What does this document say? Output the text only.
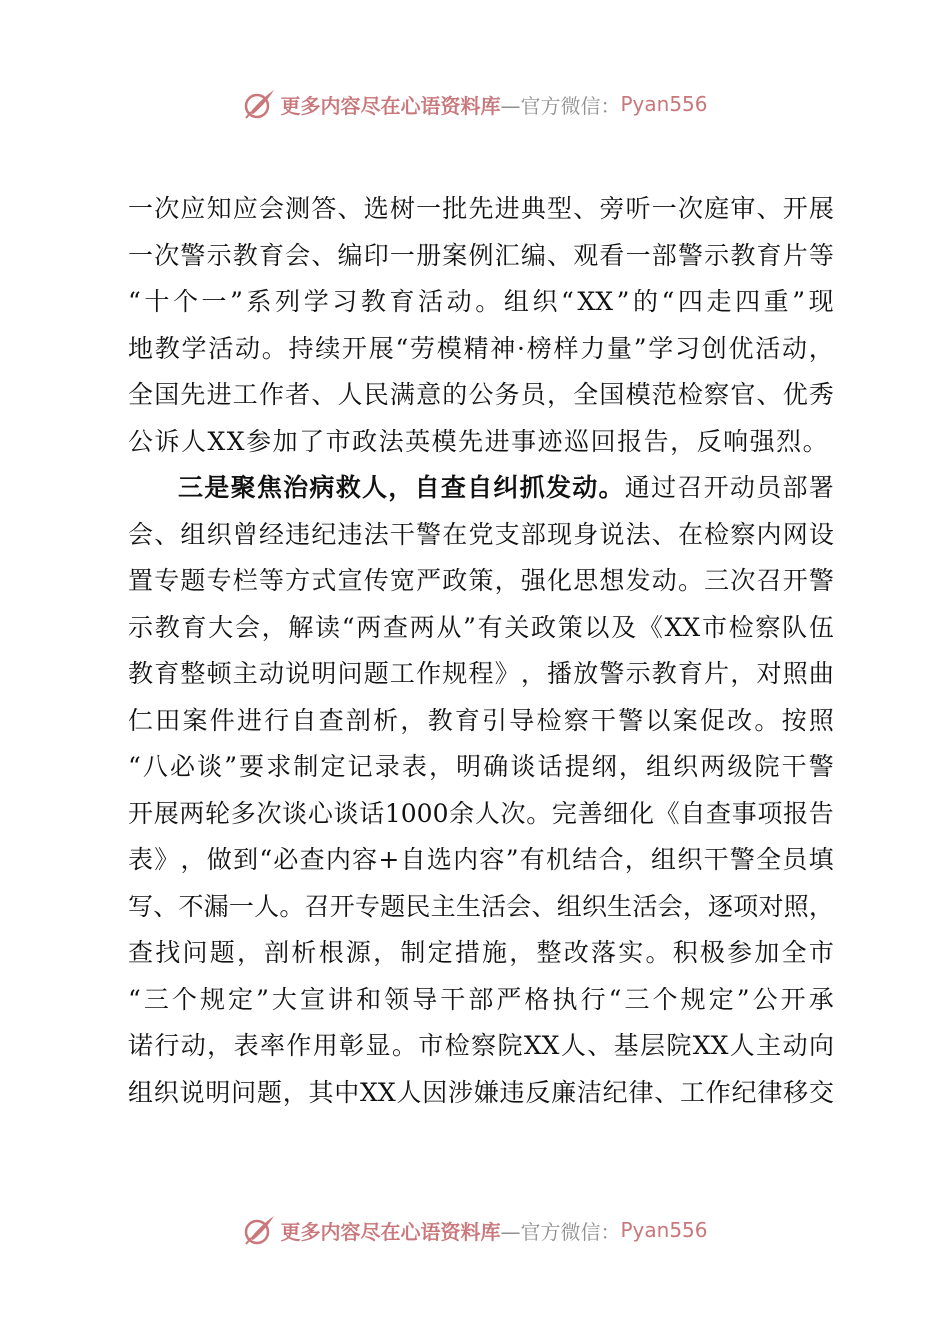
更多内容尽在心语资料库 —官方微信： Pyan556
一 次 应 知 应 会 测 答 、 选 树 一 批 先 进 典 型 、 旁 听 一 次 庭 审 、 开 展
一 次 警 示 教 育 会 、 编 印 一 册 案 例 汇 编 、 观 看 一 部 警 示 教 育 片 等
“ 十 个 一 ” 系 列 学 习 教 育 活 动 。 组 织 “ XX ” 的 “ 四 走 四 重 ” 现
地 教 学 活 动 。 持 续 开 展 “ 劳 模 精 神 · 榜 样 力 量 ” 学 习 创 优 活 动 ，
全 国 先 进 工 作 者 、 人 民 满 意 的 公 务 员 ， 全 国 模 范 检 察 官 、 优 秀
公诉人XX参加了市政法英模先进事迹巡回报告，反响强烈。
三 是 聚 焦 治 病 救 人 ， 自 查 自 纠 抓 发 动 。 通 过 召 开 动 员 部 署
会 、 组 织 曾 经 违 纪 违 法 干 警 在 党 支 部 现 身 说 法 、 在 检 察 内 网 设
置 专 题 专 栏 等 方 式 宣 传 宽 严 政 策 ， 强 化 思 想 发 动 。 三 次 召 开 警
示 教 育 大 会 ， 解 读 “ 两 查 两 从 ” 有 关 政 策 以 及 《 XX 市 检 察 队 伍
教 育 整 顿 主 动 说 明 问 题 工 作 规 程 》 ， 播 放 警 示 教 育 片 ， 对 照 曲
仁 田 案 件 进 行 自 查 剖 析 ， 教 育 引 导 检 察 干 警 以 案 促 改 。 按 照
“ 八 必 谈 ” 要 求 制 定 记 录 表 ， 明 确 谈 话 提 纲 ， 组 织 两 级 院 干 警
开 展 两 轮 多 次 谈 心 谈 话 1000 余 人 次 。 完 善 细 化 《 自 查 事 项 报 告
表 》 ， 做 到 “ 必 查 内 容 + 自 选 内 容 ” 有 机 结 合 ， 组 织 干 警 全 员 填
写 、 不 漏 一 人 。 召 开 专 题 民 主 生 活 会 、 组 织 生 活 会 ， 逐 项 对 照 ，
查 找 问 题 ， 剖 析 根 源 ， 制 定 措 施 ， 整 改 落 实 。 积 极 参 加 全 市
“ 三 个 规 定 ” 大 宣 讲 和 领 导 干 部 严 格 执 行 “ 三 个 规 定 ” 公 开 承
诺 行 动 ， 表 率 作 用 彰 显 。 市 检 察 院 XX 人 、 基 层 院 XX 人 主 动 向
组 织 说 明 问 题 ， 其 中 XX 人 因 涉 嫌 违 反 廉 洁 纪 律 、 工 作 纪 律 移 交
更多内容尽在心语资料库 —官方微信： Pyan556
